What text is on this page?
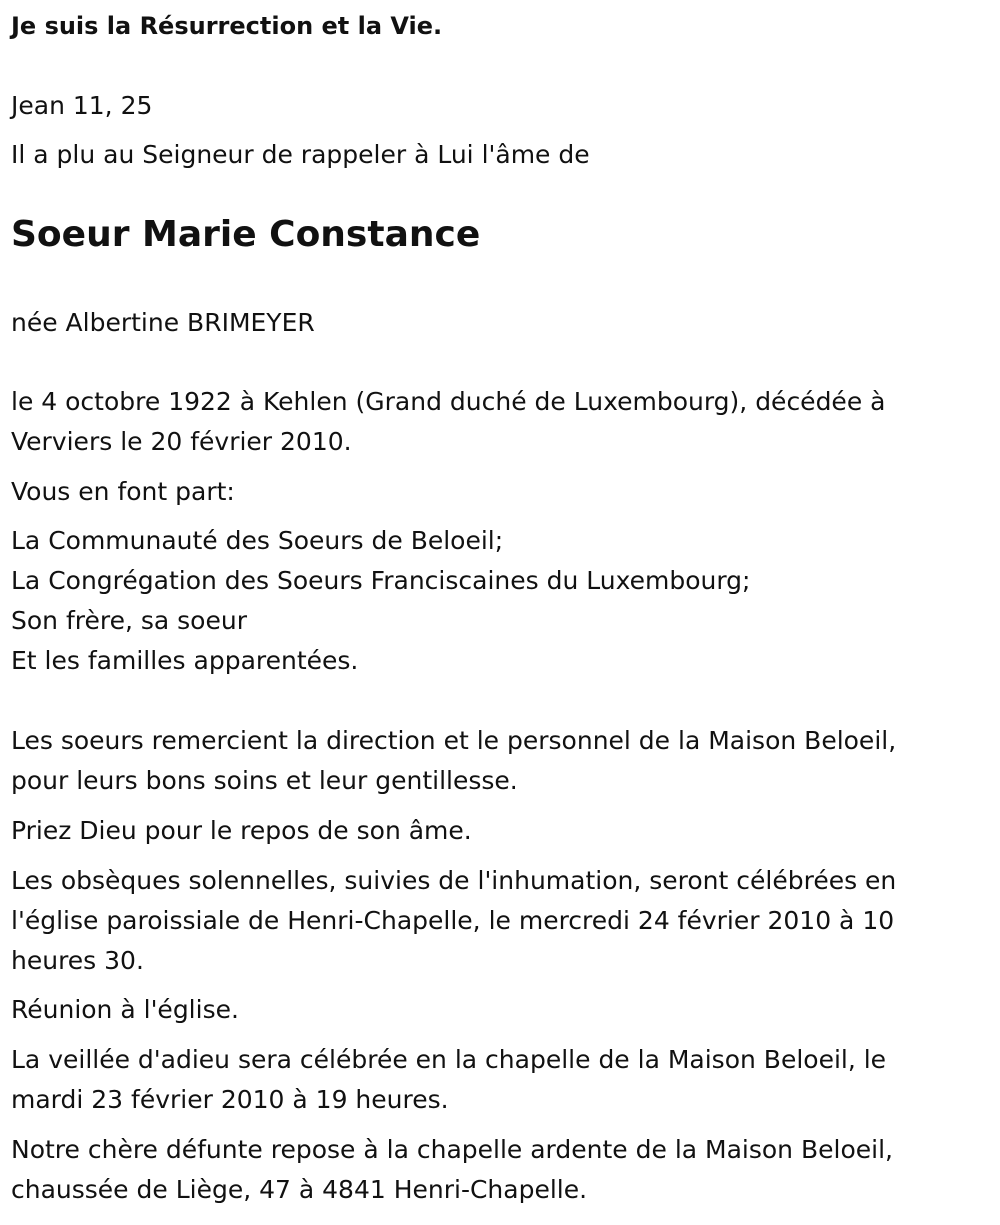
Je suis la Résurrection et la Vie.
Jean 11, 25
Il a plu au Seigneur de rappeler à Lui l'âme de
Soeur Marie Constance
née Albertine BRIMEYER
le 4 octobre 1922 à Kehlen (Grand duché de Luxembourg), décédée à
Verviers le 20 février 2010.
Vous en font part:
La Communauté des Soeurs de Beloeil;
La Congrégation des Soeurs Franciscaines du Luxembourg;
Son frère, sa soeur
Et les familles apparentées.
Les soeurs remercient la direction et le personnel de la Maison Beloeil,
pour leurs bons soins et leur gentillesse.
Priez Dieu pour le repos de son âme.
Les obsèques solennelles, suivies de l'inhumation, seront célébrées en
l'église paroissiale de Henri-Chapelle, le mercredi 24 février 2010 à 10
heures 30.
Réunion à l'église.
La veillée d'adieu sera célébrée en la chapelle de la Maison Beloeil, le
mardi 23 février 2010 à 19 heures.
Notre chère défunte repose à la chapelle ardente de la Maison Beloeil,
chaussée de Liège, 47 à 4841 Henri-Chapelle.
